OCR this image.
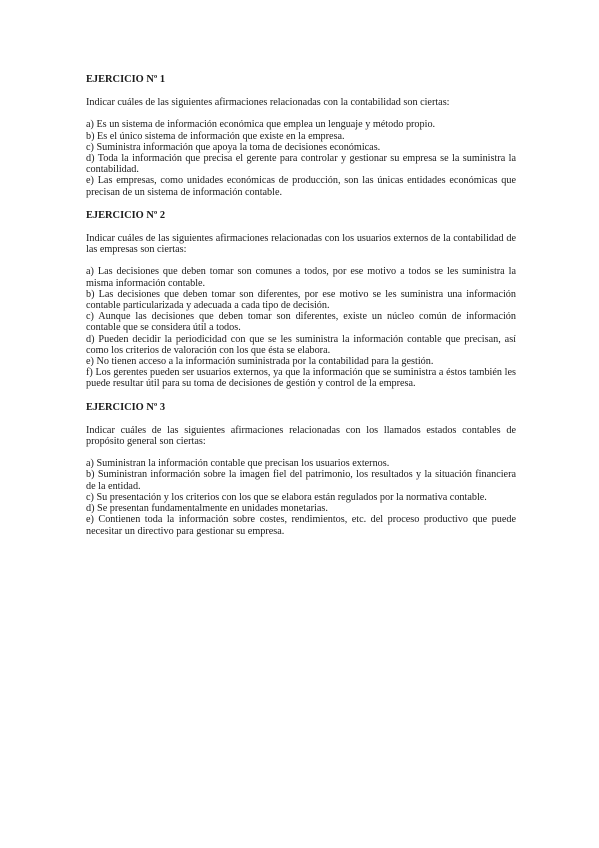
EJERCICIO Nº 1

Indicar cuáles de las siguientes afirmaciones relacionadas con la contabilidad son ciertas:

a) Es un sistema de información económica que emplea un lenguaje y método propio.

b) Es el único sistema de información que existe en la empresa.

c) Suministra información que apoya la toma de decisiones económicas.

d) Toda la información que precisa el gerente para controlar y gestionar su empresa se la suministra la contabilidad.

e) Las empresas, como unidades económicas de producción, son las únicas entidades económicas que precisan de un sistema de información contable.

EJERCICIO Nº 2

Indicar cuáles de las siguientes afirmaciones relacionadas con los usuarios externos de la contabilidad de las empresas son ciertas:

a) Las decisiones que deben tomar son comunes a todos, por ese motivo a todos se les suministra la misma información contable.

b) Las decisiones que deben tomar son diferentes, por ese motivo se les suministra una información contable particularizada y adecuada a cada tipo de decisión.

c) Aunque las decisiones que deben tomar son diferentes, existe un núcleo común de información contable que se considera útil a todos.

d) Pueden decidir la periodicidad con que se les suministra la información contable que precisan, así como los criterios de valoración con los que ésta se elabora.

e) No tienen acceso a la información suministrada por la contabilidad para la gestión.

f) Los gerentes pueden ser usuarios externos, ya que la información que se suministra a éstos también les puede resultar útil para su toma de decisiones de gestión y control de la empresa.

EJERCICIO Nº 3

Indicar cuáles de las siguientes afirmaciones relacionadas con los llamados estados contables de propósito general son ciertas:

a) Suministran la información contable que precisan los usuarios externos.

b) Suministran información sobre la imagen fiel del patrimonio, los resultados y la situación financiera de la entidad.

c) Su presentación y los criterios con los que se elabora están regulados por la normativa contable.

d) Se presentan fundamentalmente en unidades monetarias.

e) Contienen toda la información sobre costes, rendimientos, etc. del proceso productivo que puede necesitar un directivo para gestionar su empresa.
